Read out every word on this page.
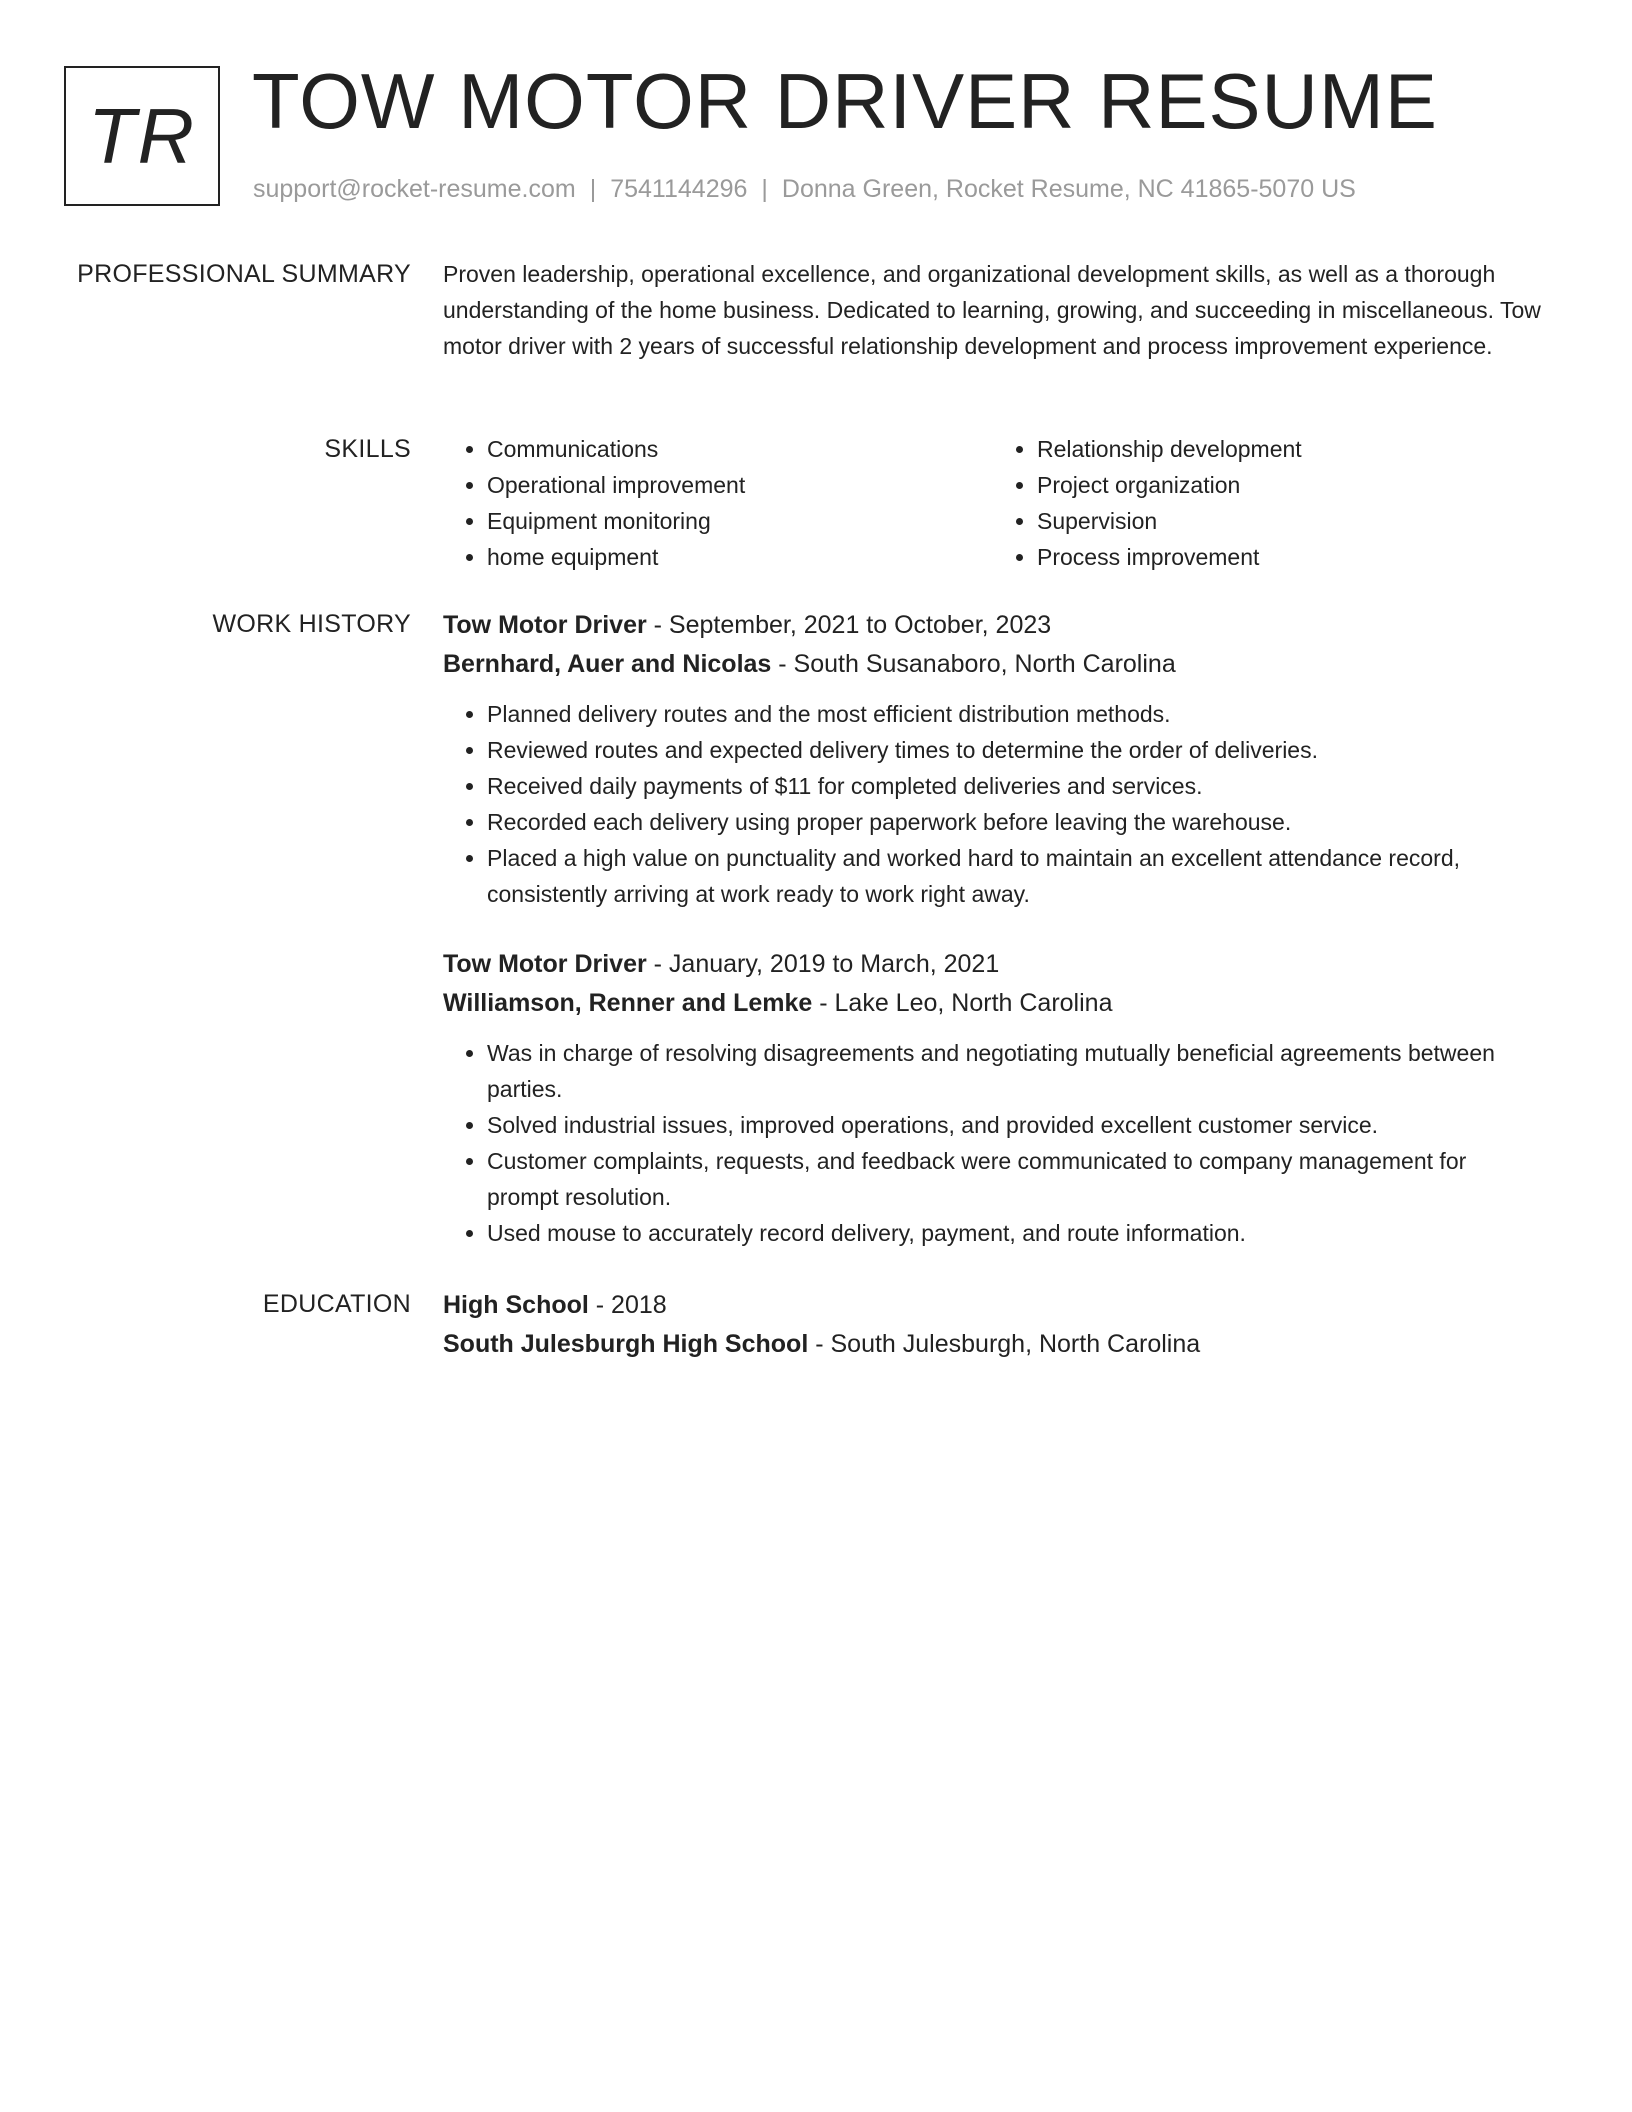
TR TOW MOTOR DRIVER RESUME
support@rocket-resume.com | 7541144296 | Donna Green, Rocket Resume, NC 41865-5070 US
PROFESSIONAL SUMMARY Proven leadership, operational excellence, and organizational development skills, as well as a thorough understanding of the home business. Dedicated to learning, growing, and succeeding in miscellaneous. Tow motor driver with 2 years of successful relationship development and process improvement experience.

SKILLS
•	Communications
• Operational improvement
• Equipment monitoring
• home equipment
• Relationship development
• Project organization
• Supervision
• Process improvement
WORK HISTORY Tow Motor Driver - September, 2021 to October, 2023
Bernhard, Auer and Nicolas - South Susanaboro, North Carolina
• Planned delivery routes and the most efficient distribution methods.
• Reviewed routes and expected delivery times to determine the order of deliveries.
• Received daily payments of $11 for completed deliveries and services.
• Recorded each delivery using proper paperwork before leaving the warehouse.
• Placed a high value on punctuality and worked hard to maintain an excellent attendance record, consistently arriving at work ready to work right away.
Tow Motor Driver - January, 2019 to March, 2021
Williamson, Renner and Lemke - Lake Leo, North Carolina
• Was in charge of resolving disagreements and negotiating mutually beneficial agreements between parties.
• Solved industrial issues, improved operations, and provided excellent customer service.
• Customer complaints, requests, and feedback were communicated to company management for prompt resolution.
• Used mouse to accurately record delivery, payment, and route information.
EDUCATION High School - 2018
South Julesburgh High School - South Julesburgh, North Carolina
